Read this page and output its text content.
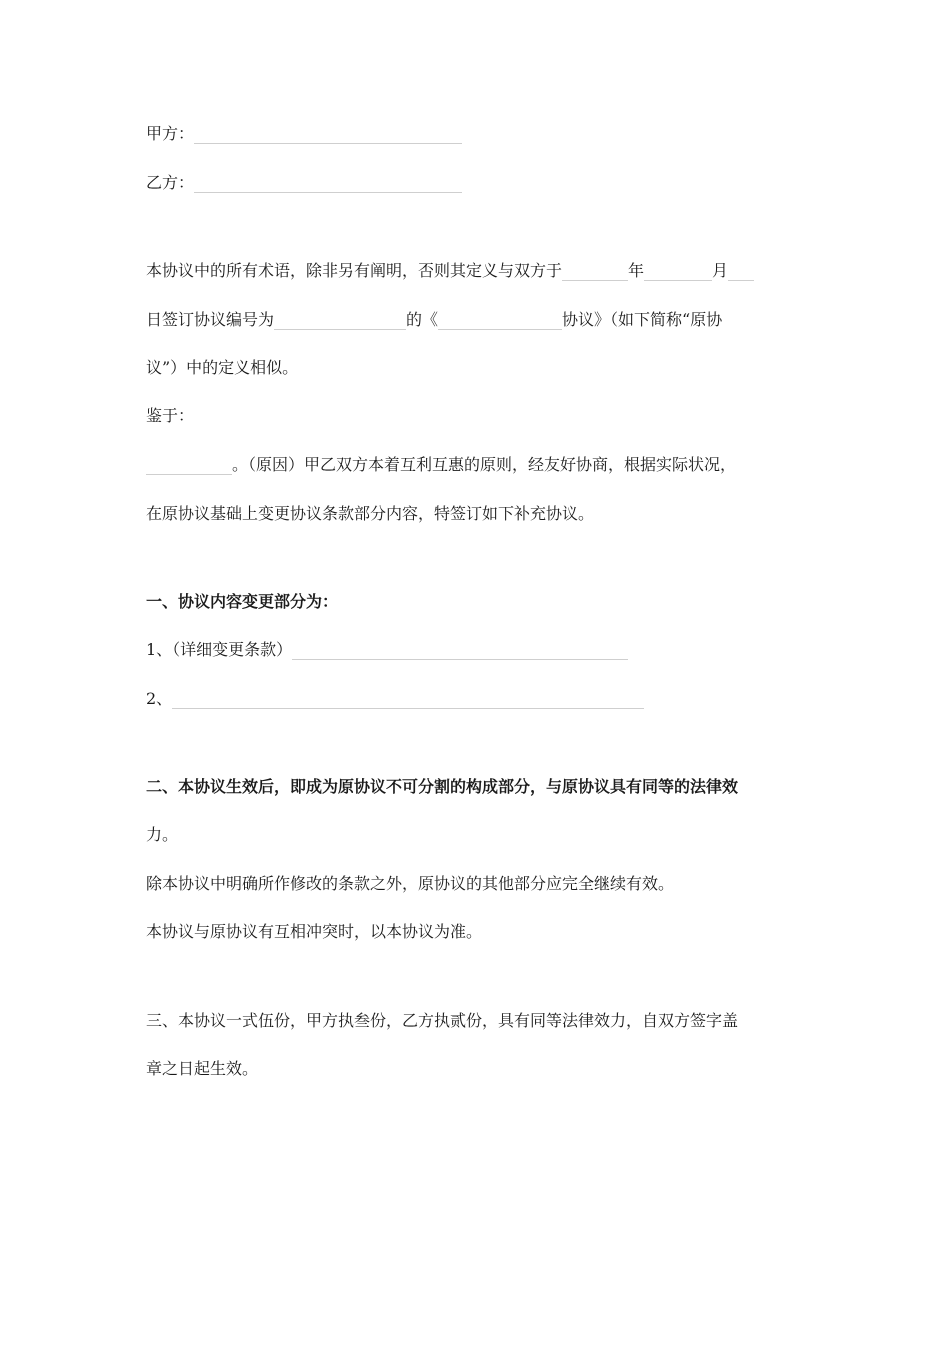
甲方：
乙方：
本协议中的所有术语，除非另有阐明，否则其定义与双方于	年	月
日签订协议编号为	的《	协议》（如下简称“原协
议”）中的定义相似。
鉴于：
。（原因）甲乙双方本着互利互惠的原则，经友好协商，根据实际状况，
在原协议基础上变更协议条款部分内容，特签订如下补充协议。
一、协议内容变更部分为：
1、（详细变更条款）
2、
二、本协议生效后，即成为原协议不可分割的构成部分，与原协议具有同等的法律效
力。
除本协议中明确所作修改的条款之外，原协议的其他部分应完全继续有效。
本协议与原协议有互相冲突时，以本协议为准。
三、本协议一式伍份，甲方执叁份，乙方执贰份，具有同等法律效力，自双方签字盖
章之日起生效。
